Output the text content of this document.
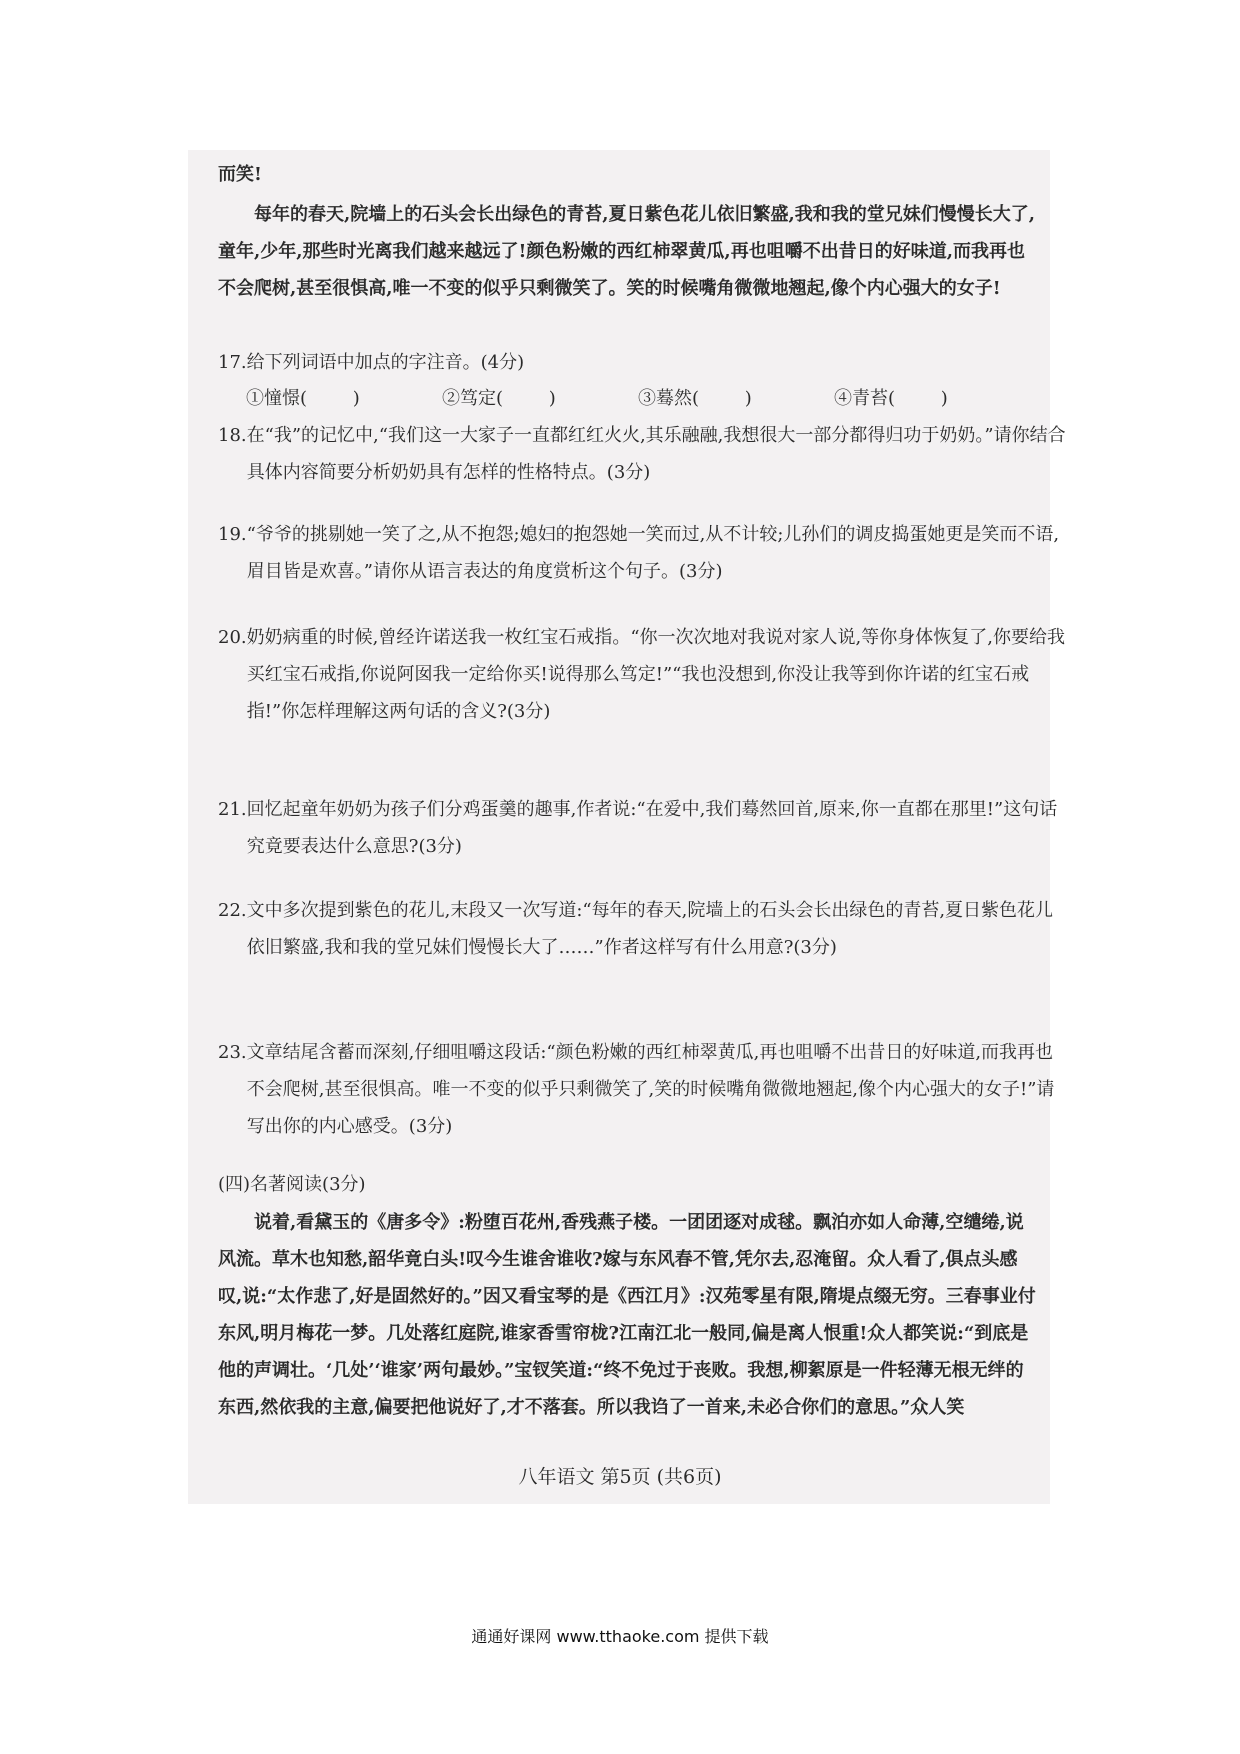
而笑!
每年的春天,院墙上的石头会长出绿色的青苔,夏日紫色花儿依旧繁盛,我和我的堂兄妹们慢慢长大了,童年,少年,那些时光离我们越来越远了!颜色粉嫩的西红柿翠黄瓜,再也咀嚼不出昔日的好味道,而我再也不会爬树,甚至很惧高,唯一不变的似乎只剩微笑了。笑的时候嘴角微微地翘起,像个内心强大的女子!
17.给下列词语中加点的字注音。(4分)
①憧憬(        )	②笃定(        )	③蓦然(        )	④青苔(        )
18.在“我”的记忆中,“我们这一大家子一直都红红火火,其乐融融,我想很大一部分都得归功于奶奶。”请你结合具体内容简要分析奶奶具有怎样的性格特点。(3分)
19.“爷爷的挑剔她一笑了之,从不抱怨;媳妇的抱怨她一笑而过,从不计较;儿孙们的调皮捣蛋她更是笑而不语,眉目皆是欢喜。”请你从语言表达的角度赏析这个句子。(3分)
20.奶奶病重的时候,曾经许诺送我一枚红宝石戒指。“你一次次地对我说对家人说,等你身体恢复了,你要给我买红宝石戒指,你说阿囡我一定给你买!说得那么笃定!”“我也没想到,你没让我等到你许诺的红宝石戒指!”你怎样理解这两句话的含义?(3分)
21.回忆起童年奶奶为孩子们分鸡蛋羹的趣事,作者说:“在爱中,我们蓦然回首,原来,你一直都在那里!”这句话究竟要表达什么意思?(3分)
22.文中多次提到紫色的花儿,末段又一次写道:“每年的春天,院墙上的石头会长出绿色的青苔,夏日紫色花儿依旧繁盛,我和我的堂兄妹们慢慢长大了……”作者这样写有什么用意?(3分)
23.文章结尾含蓄而深刻,仔细咀嚼这段话:“颜色粉嫩的西红柿翠黄瓜,再也咀嚼不出昔日的好味道,而我再也不会爬树,甚至很惧高。唯一不变的似乎只剩微笑了,笑的时候嘴角微微地翘起,像个内心强大的女子!”请写出你的内心感受。(3分)
(四)名著阅读(3分)
说着,看黛玉的《唐多令》:粉堕百花州,香残燕子楼。一团团逐对成毬。飘泊亦如人命薄,空缱绻,说风流。草木也知愁,韶华竟白头!叹今生谁舍谁收?嫁与东风春不管,凭尔去,忍淹留。众人看了,俱点头感叹,说:“太作悲了,好是固然好的。”因又看宝琴的是《西江月》:汉苑零星有限,隋堤点缀无穷。三春事业付东风,明月梅花一梦。几处落红庭院,谁家香雪帘栊?江南江北一般同,偏是离人恨重!众人都笑说:“到底是他的声调壮。‘几处’‘谁家’两句最妙。”宝钗笑道:“终不免过于丧败。我想,柳絮原是一件轻薄无根无绊的东西,然依我的主意,偏要把他说好了,才不落套。所以我诌了一首来,未必合你们的意思。”众人笑
八年语文 第5页 (共6页)
通通好课网 www.tthaoke.com 提供下载
